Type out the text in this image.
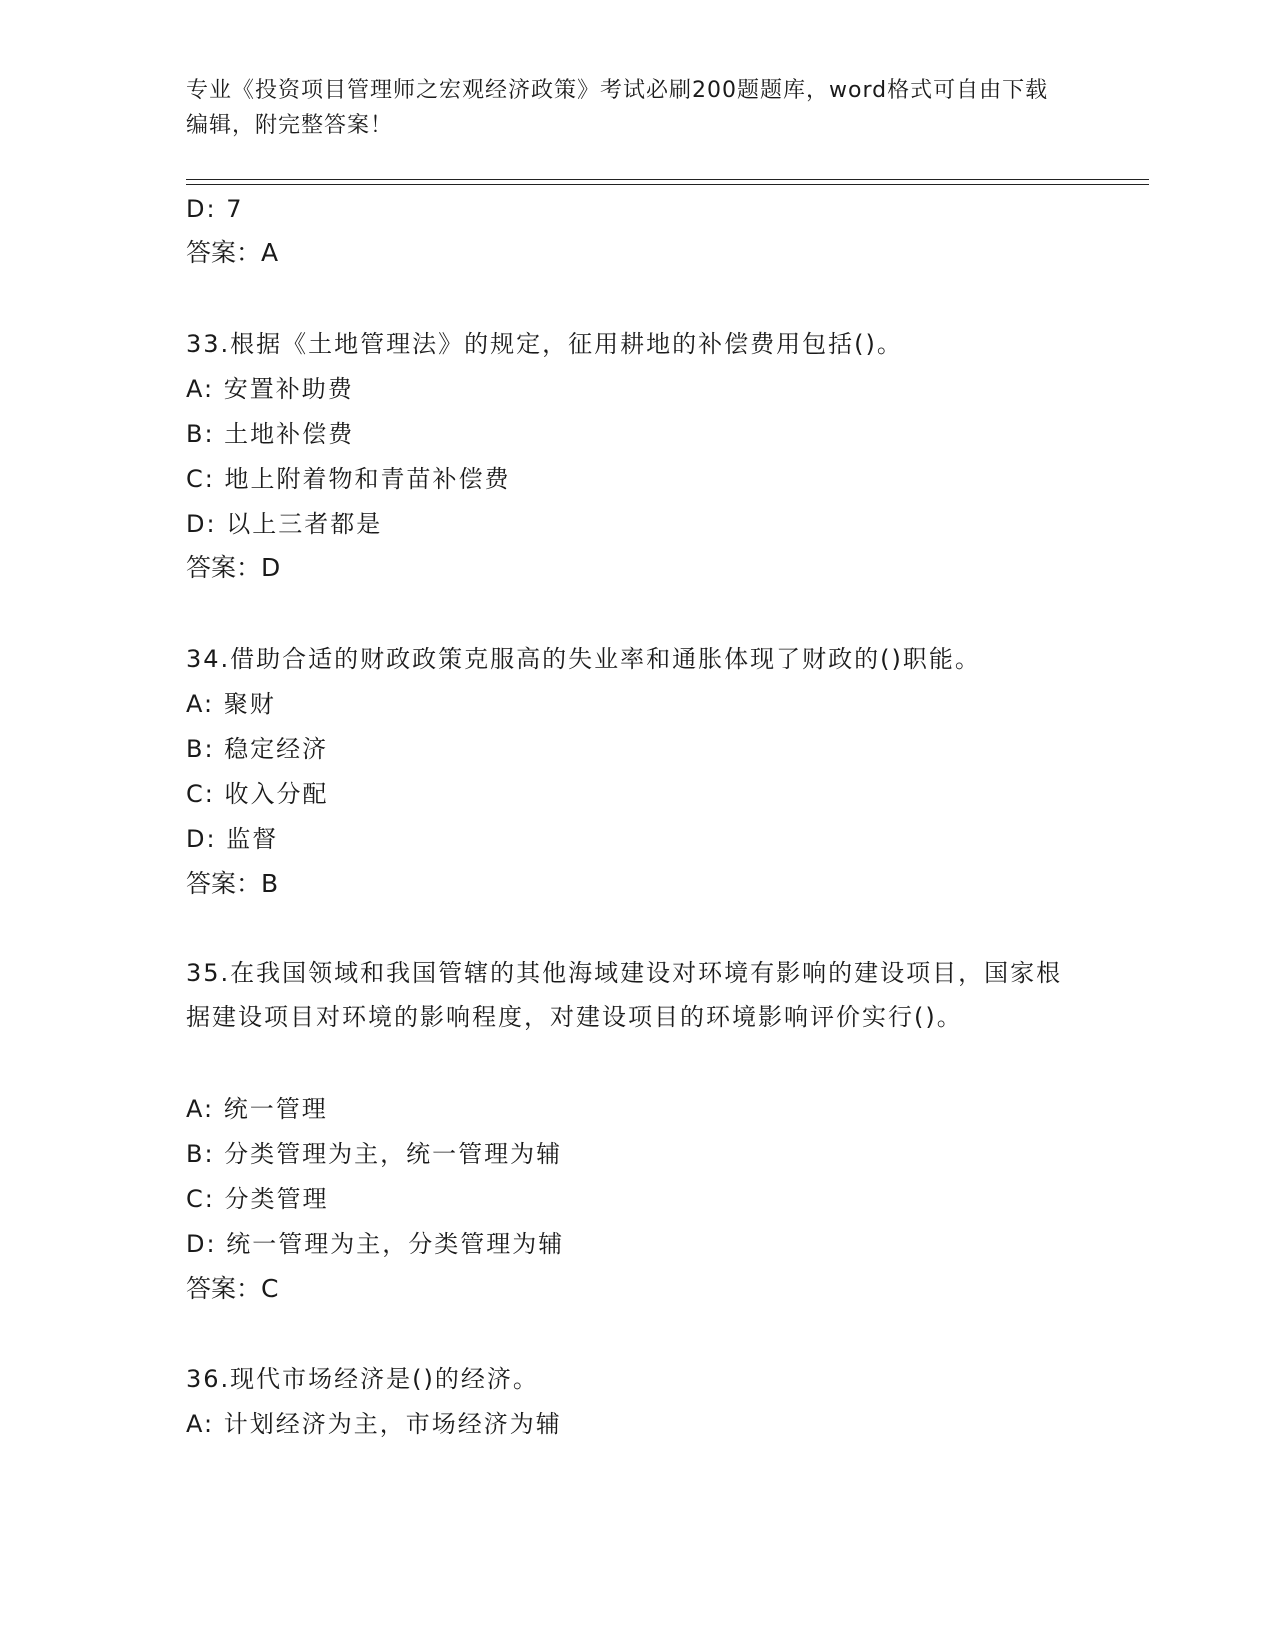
专业《投资项目管理师之宏观经济政策》考试必刷200题题库，word格式可自由下载编辑，附完整答案！
D: 7
答案：A
33.根据《土地管理法》的规定，征用耕地的补偿费用包括()。
A: 安置补助费
B: 土地补偿费
C: 地上附着物和青苗补偿费
D: 以上三者都是
答案：D
34.借助合适的财政政策克服高的失业率和通胀体现了财政的()职能。
A: 聚财
B: 稳定经济
C: 收入分配
D: 监督
答案：B
35.在我国领域和我国管辖的其他海域建设对环境有影响的建设项目，国家根据建设项目对环境的影响程度，对建设项目的环境影响评价实行()。
A: 统一管理
B: 分类管理为主，统一管理为辅
C: 分类管理
D: 统一管理为主，分类管理为辅
答案：C
36.现代市场经济是()的经济。
A: 计划经济为主，市场经济为辅
